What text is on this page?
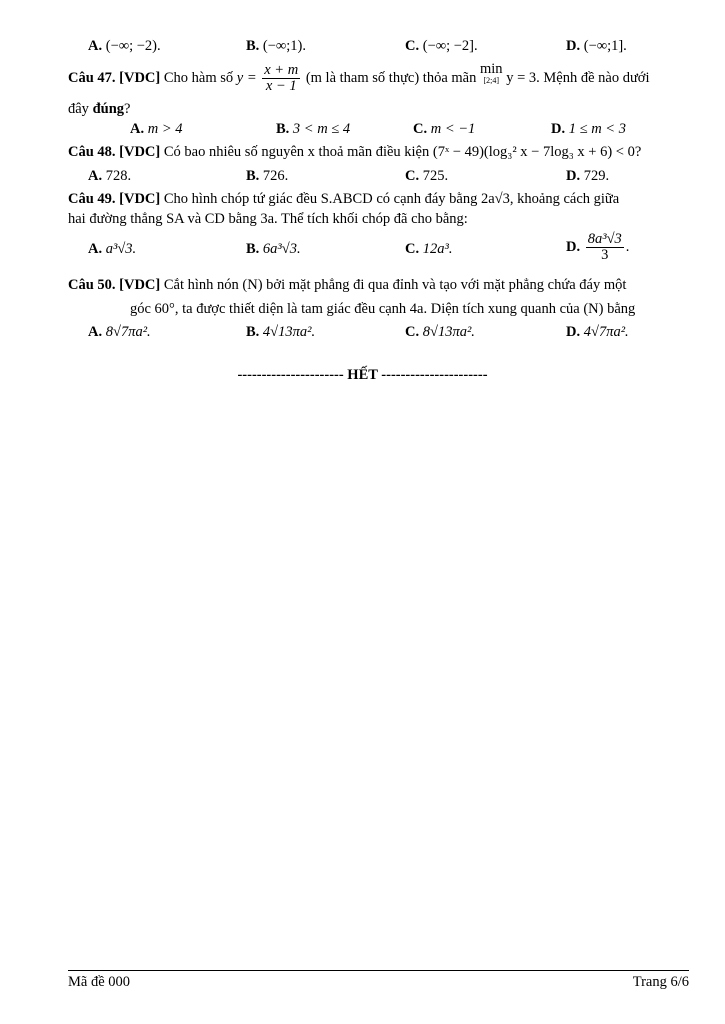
A. (−∞; −2).	B. (−∞;1).	C. (−∞; −2].	D. (−∞;1].
Câu 47. [VDC] Cho hàm số $y = \frac{x + m}{x - 1} (m$ là tham số thực) thỏa mãn min
[2;4] y = 3. Mệnh đề nào dưới
đây đúng?
A. m > 4	B. 3 < m ≤ 4	C. m < −1	D. 1 ≤ m < 3
Câu 48. [VDC] Có bao nhiêu số nguyên x thoả mãn điều kiện (7ˣ − 49)(log₃² x − 7log₃ x + 6) < 0?
A. 728.	B. 726.	C. 725.	D. 729.
Câu 49. [VDC] Cho hình chóp tứ giác đều S.ABCD có cạnh đáy bằng 2a√3, khoảng cách giữa
hai đường thẳng SA và CD bằng 3a. Thể tích khối chóp đã cho bằng:
A. a³√3.	B. 6a³√3.	C. 12a³.	D. $\frac{\text{8a³√3}}{3}$ .
Câu 50. [VDC] Cắt hình nón (N) bởi mặt phẳng đi qua đỉnh và tạo với mặt phẳng chứa đáy một
góc 60°, ta được thiết diện là tam giác đều cạnh 4a. Diện tích xung quanh của (N) bằng
A. 8√7πa².	B. 4√13πa².	C. 8√13πa².	D. 4√7πa².
---------------------- HẾT ----------------------
Mã đề 000	Trang 6/6
